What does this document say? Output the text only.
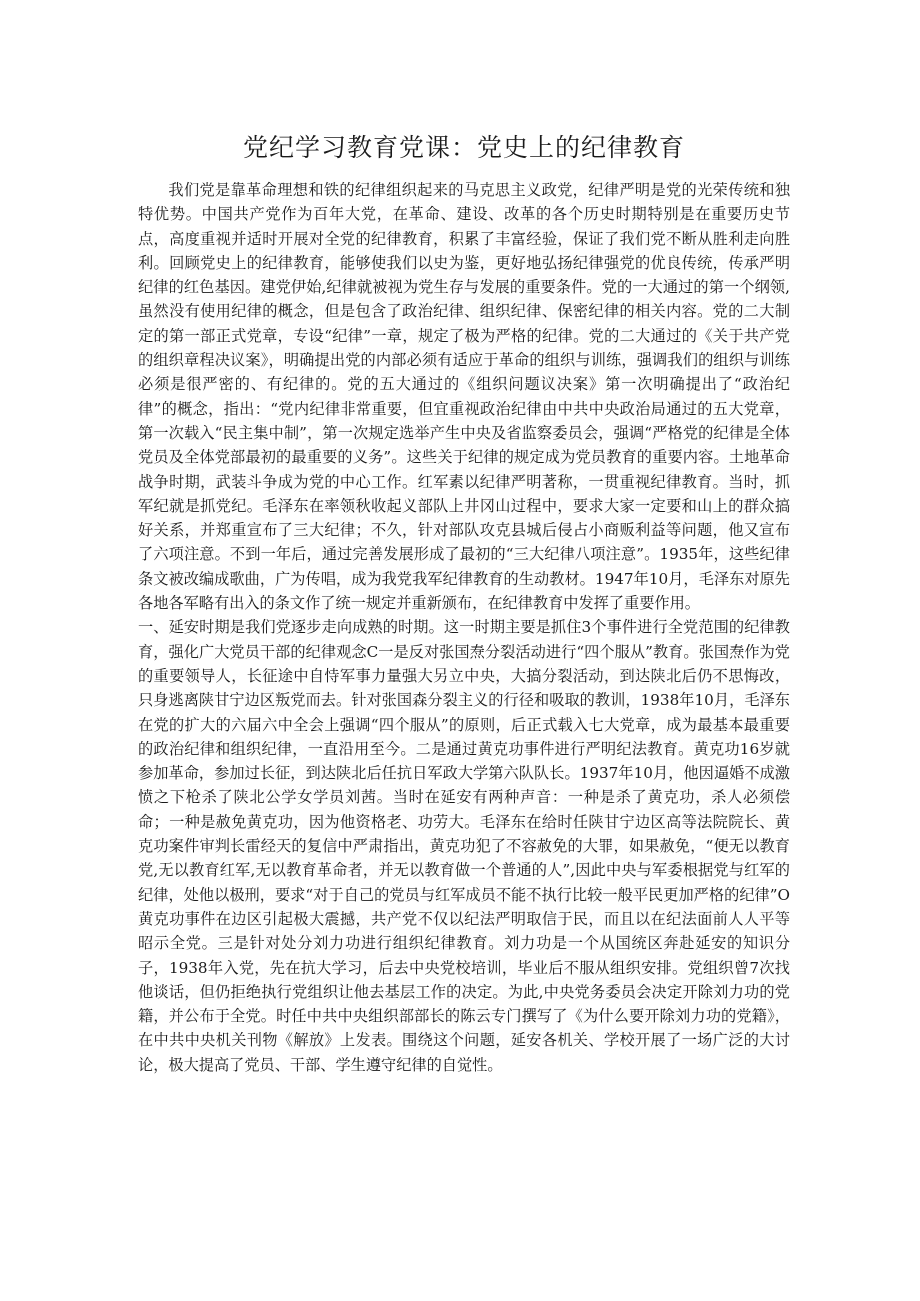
党纪学习教育党课：党史上的纪律教育

我们党是靠革命理想和铁的纪律组织起来的马克思主义政党，纪律严明是党的光荣传统和独特优势。中国共产党作为百年大党，在革命、建设、改革的各个历史时期特别是在重要历史节点，高度重视并适时开展对全党的纪律教育，积累了丰富经验，保证了我们党不断从胜利走向胜利。回顾党史上的纪律教育，能够使我们以史为鉴，更好地弘扬纪律强党的优良传统，传承严明纪律的红色基因。建党伊始,纪律就被视为党生存与发展的重要条件。党的一大通过的第一个纲领,虽然没有使用纪律的概念，但是包含了政治纪律、组织纪律、保密纪律的相关内容。党的二大制定的第一部正式党章，专设“纪律”一章，规定了极为严格的纪律。党的二大通过的《关于共产党的组织章程决议案》，明确提出党的内部必须有适应于革命的组织与训练，强调我们的组织与训练必须是很严密的、有纪律的。党的五大通过的《组织问题议决案》第一次明确提出了“政治纪律”的概念，指出：“党内纪律非常重要，但宜重视政治纪律由中共中央政治局通过的五大党章，第一次载入“民主集中制”，第一次规定选举产生中央及省监察委员会，强调“严格党的纪律是全体党员及全体党部最初的最重要的义务”。这些关于纪律的规定成为党员教育的重要内容。土地革命战争时期，武装斗争成为党的中心工作。红军素以纪律严明著称，一贯重视纪律教育。当时，抓军纪就是抓党纪。毛泽东在率领秋收起义部队上井冈山过程中，要求大家一定要和山上的群众搞好关系，并郑重宣布了三大纪律；不久，针对部队攻克县城后侵占小商贩利益等问题，他又宣布了六项注意。不到一年后，通过完善发展形成了最初的“三大纪律八项注意”。1935年，这些纪律条文被改编成歌曲，广为传唱，成为我党我军纪律教育的生动教材。1947年10月，毛泽东对原先各地各军略有出入的条文作了统一规定并重新颁布，在纪律教育中发挥了重要作用。

一、延安时期是我们党逐步走向成熟的时期。这一时期主要是抓住3个事件进行全党范围的纪律教育，强化广大党员干部的纪律观念C一是反对张国焘分裂活动进行“四个服从”教育。张国焘作为党的重要领导人，长征途中自恃军事力量强大另立中央，大搞分裂活动，到达陕北后仍不思悔改，只身逃离陕甘宁边区叛党而去。针对张国森分裂主义的行径和吸取的教训，1938年10月，毛泽东在党的扩大的六届六中全会上强调“四个服从”的原则，后正式载入七大党章，成为最基本最重要的政治纪律和组织纪律，一直沿用至今。二是通过黄克功事件进行严明纪法教育。黄克功16岁就参加革命，参加过长征，到达陕北后任抗日军政大学第六队队长。1937年10月，他因逼婚不成激愤之下枪杀了陕北公学女学员刘茜。当时在延安有两种声音：一种是杀了黄克功，杀人必须偿命；一种是赦免黄克功，因为他资格老、功劳大。毛泽东在给时任陕甘宁边区高等法院院长、黄克功案件审判长雷经天的复信中严肃指出，黄克功犯了不容赦免的大罪，如果赦免，“便无以教育党,无以教育红军,无以教育革命者，并无以教育做一个普通的人”,因此中央与军委根据党与红军的纪律，处他以极刑，要求“对于自己的党员与红军成员不能不执行比较一般平民更加严格的纪律”O黄克功事件在边区引起极大震撼，共产党不仅以纪法严明取信于民，而且以在纪法面前人人平等昭示全党。三是针对处分刘力功进行组织纪律教育。刘力功是一个从国统区奔赴延安的知识分子，1938年入党，先在抗大学习，后去中央党校培训，毕业后不服从组织安排。党组织曾7次找他谈话，但仍拒绝执行党组织让他去基层工作的决定。为此,中央党务委员会决定开除刘力功的党籍，并公布于全党。时任中共中央组织部部长的陈云专门撰写了《为什么要开除刘力功的党籍》，在中共中央机关刊物《解放》上发表。围绕这个问题，延安各机关、学校开展了一场广泛的大讨论，极大提高了党员、干部、学生遵守纪律的自觉性。
